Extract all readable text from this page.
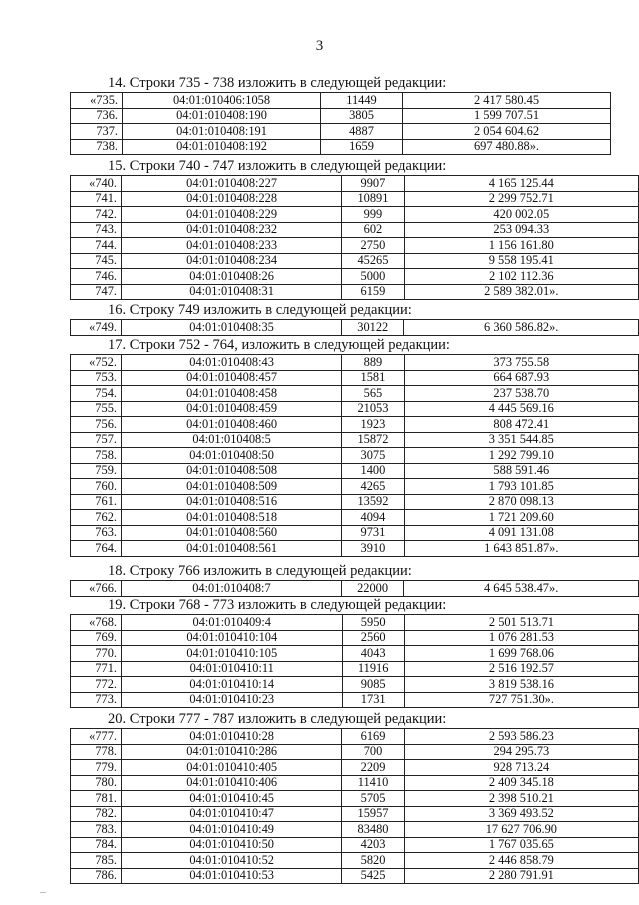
3
14. Строки 735 - 738 изложить в следующей редакции:
«735.	04:01:010406:1058	11449	2 417 580.45
736.	04:01:010408:190	3805	1 599 707.51
737.	04:01:010408:191	4887	2 054 604.62
738.	04:01:010408:192	1659	697 480.88».
15. Строки 740 - 747 изложить в следующей редакции:
«740.	04:01:010408:227	9907	4 165 125.44
741.	04:01:010408:228	10891	2 299 752.71
742.	04:01:010408:229	999	420 002.05
743.	04:01:010408:232	602	253 094.33
744.	04:01:010408:233	2750	1 156 161.80
745.	04:01:010408:234	45265	9 558 195.41
746.	04:01:010408:26	5000	2 102 112.36
747.	04:01:010408:31	6159	2 589 382.01».
16. Строку 749 изложить в следующей редакции:
«749.	04:01:010408:35	30122	6 360 586.82».
17. Строки 752 - 764, изложить в следующей редакции:
«752.	04:01:010408:43	889	373 755.58
753.	04:01:010408:457	1581	664 687.93
754.	04:01:010408:458	565	237 538.70
755.	04:01:010408:459	21053	4 445 569.16
756.	04:01:010408:460	1923	808 472.41
757.	04:01:010408:5	15872	3 351 544.85
758.	04:01:010408:50	3075	1 292 799.10
759.	04:01:010408:508	1400	588 591.46
760.	04:01:010408:509	4265	1 793 101.85
761.	04:01:010408:516	13592	2 870 098.13
762.	04:01:010408:518	4094	1 721 209.60
763.	04:01:010408:560	9731	4 091 131.08
764.	04:01:010408:561	3910	1 643 851.87».
18. Строку 766 изложить в следующей редакции:
«766.	04:01:010408:7	22000	4 645 538.47».
19. Строки 768 - 773 изложить в следующей редакции:
«768.	04:01:010409:4	5950	2 501 513.71
769.	04:01:010410:104	2560	1 076 281.53
770.	04:01:010410:105	4043	1 699 768.06
771.	04:01:010410:11	11916	2 516 192.57
772.	04:01:010410:14	9085	3 819 538.16
773.	04:01:010410:23	1731	727 751.30».
20. Строки 777 - 787 изложить в следующей редакции:
«777.	04:01:010410:28	6169	2 593 586.23
778.	04:01:010410:286	700	294 295.73
779.	04:01:010410:405	2209	928 713.24
780.	04:01:010410:406	11410	2 409 345.18
781.	04:01:010410:45	5705	2 398 510.21
782.	04:01:010410:47	15957	3 369 493.52
783.	04:01:010410:49	83480	17 627 706.90
784.	04:01:010410:50	4203	1 767 035.65
785.	04:01:010410:52	5820	2 446 858.79
786.	04:01:010410:53	5425	2 280 791.91
